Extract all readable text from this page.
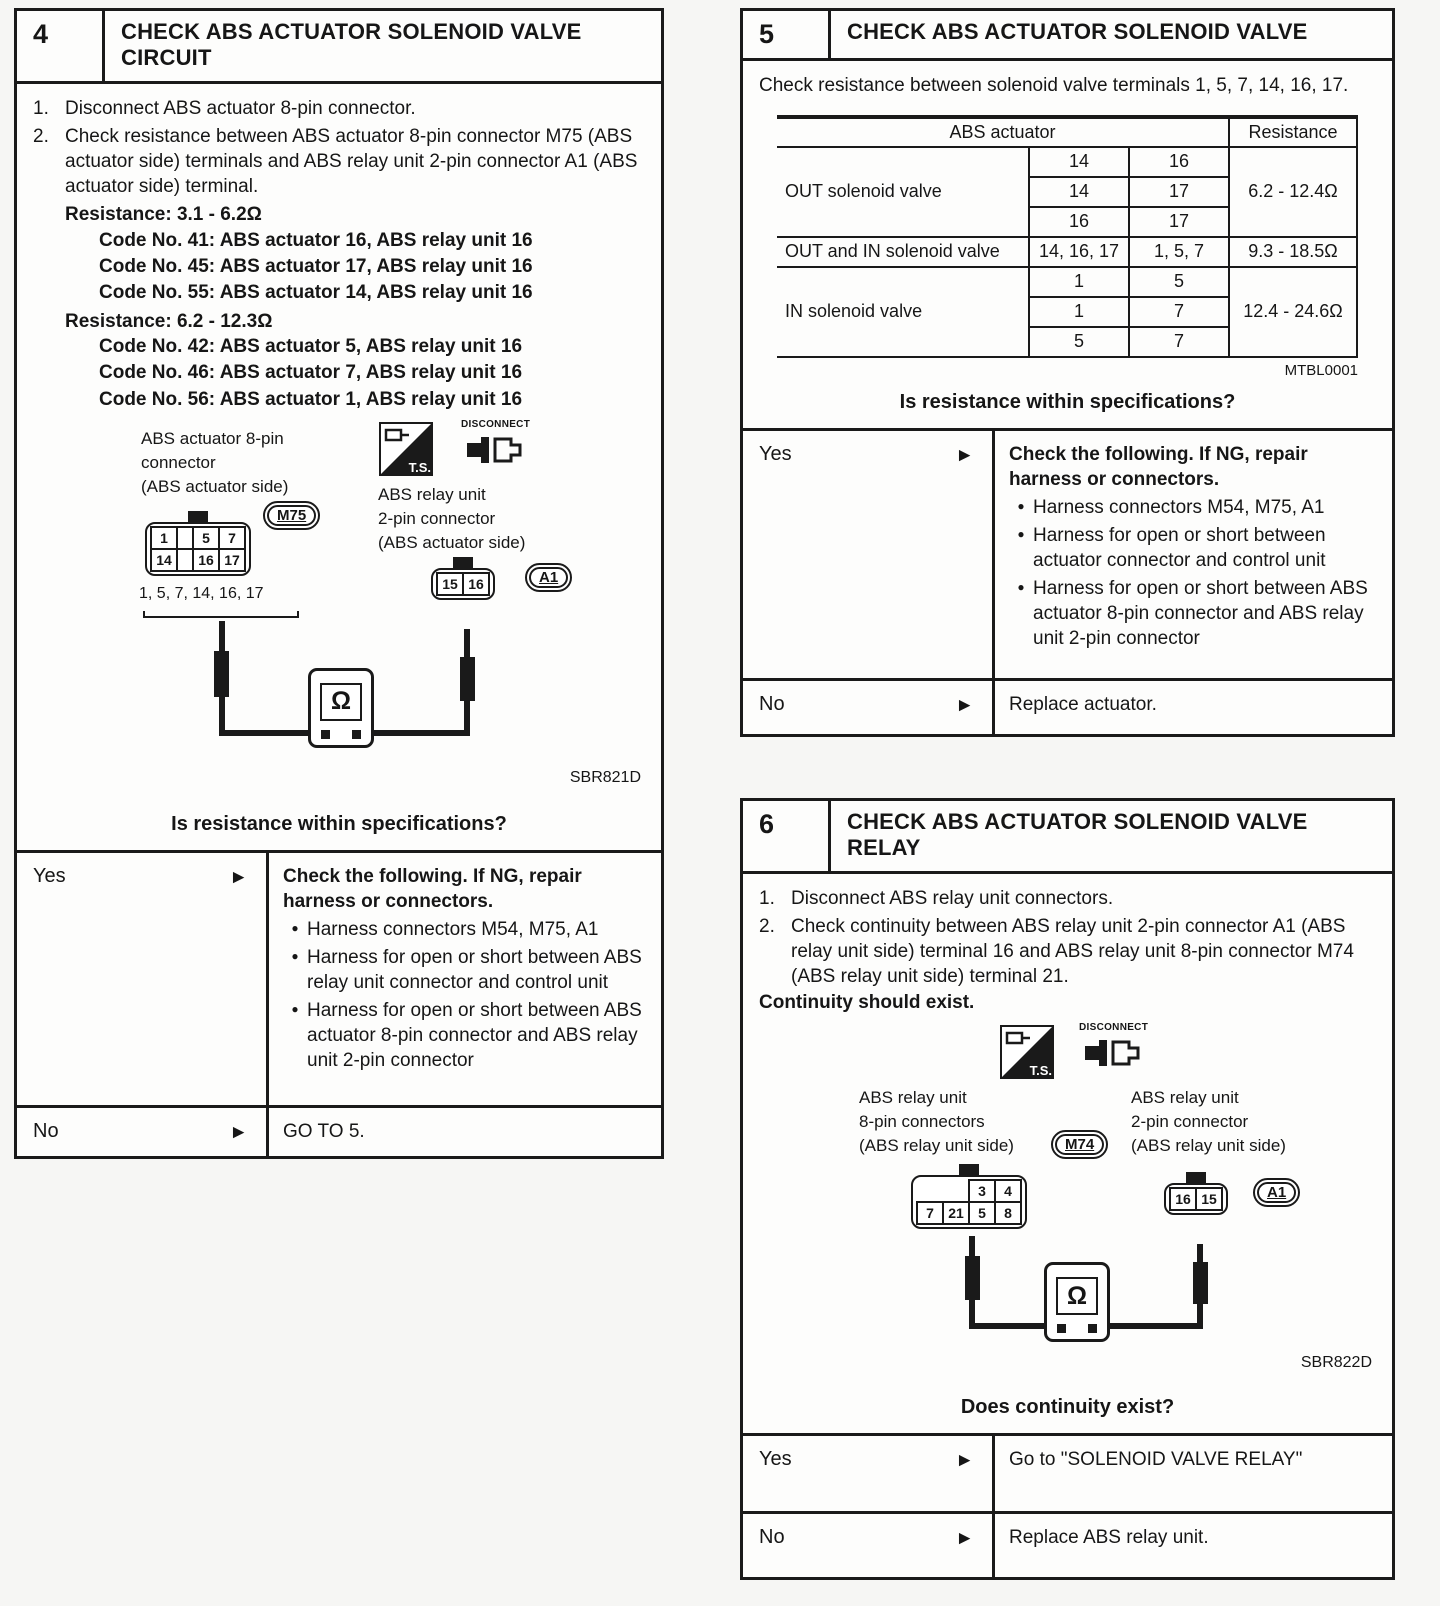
4	CHECK ABS ACTUATOR SOLENOID VALVE CIRCUIT
1. Disconnect ABS actuator 8-pin connector.
2. Check resistance between ABS actuator 8-pin connector M75 (ABS actuator side) terminals and ABS relay unit 2-pin connector A1 (ABS actuator side) terminal.
Resistance: 3.1 - 6.2Ω
Code No. 41: ABS actuator 16, ABS relay unit 16
Code No. 45: ABS actuator 17, ABS relay unit 16
Code No. 55: ABS actuator 14, ABS relay unit 16
Resistance: 6.2 - 12.3Ω
Code No. 42: ABS actuator 5, ABS relay unit 16
Code No. 46: ABS actuator 7, ABS relay unit 16
Code No. 56: ABS actuator 1, ABS relay unit 16
ABS actuator 8-pin
connector
(ABS actuator side)
T.S.
DISCONNECT
ABS relay unit
2-pin connector
(ABS actuator side)
M75
1		5	7
14		16	17
1, 5, 7, 14, 16, 17
15	16	A1
Ω
SBR821D
Is resistance within specifications?
Yes	► Check the following. If NG, repair harness or connectors.
● Harness connectors M54, M75, A1
● Harness for open or short between ABS relay unit connector and control unit
● Harness for open or short between ABS actuator 8-pin connector and ABS relay unit 2-pin connector
No	► GO TO 5.
5	CHECK ABS ACTUATOR SOLENOID VALVE
Check resistance between solenoid valve terminals 1, 5, 7, 14, 16, 17.
ABS actuator			Resistance
OUT solenoid valve	14	16	6.2 - 12.4Ω
	14	17	
	16	17	
OUT and IN solenoid valve	14, 16, 17	1, 5, 7	9.3 - 18.5Ω
IN solenoid valve	1	5	12.4 - 24.6Ω
	1	7	
	5	7	
MTBL0001
Is resistance within specifications?
Yes	► Check the following. If NG, repair harness or connectors.
● Harness connectors M54, M75, A1
● Harness for open or short between actuator connector and control unit
● Harness for open or short between ABS actuator 8-pin connector and ABS relay unit 2-pin connector
No	► Replace actuator.
6	CHECK ABS ACTUATOR SOLENOID VALVE RELAY
1. Disconnect ABS relay unit connectors.
2. Check continuity between ABS relay unit 2-pin connector A1 (ABS relay unit side) terminal 16 and ABS relay unit 8-pin connector M74 (ABS relay unit side) terminal 21.
Continuity should exist.
T.S.
DISCONNECT
ABS relay unit
8-pin connectors
(ABS relay unit side)	M74
ABS relay unit
2-pin connector
(ABS relay unit side)
		3	4
7	21	5	8
16	15	A1
Ω
SBR822D
Does continuity exist?
Yes	► Go to "SOLENOID VALVE RELAY"
No	► Replace ABS relay unit.
